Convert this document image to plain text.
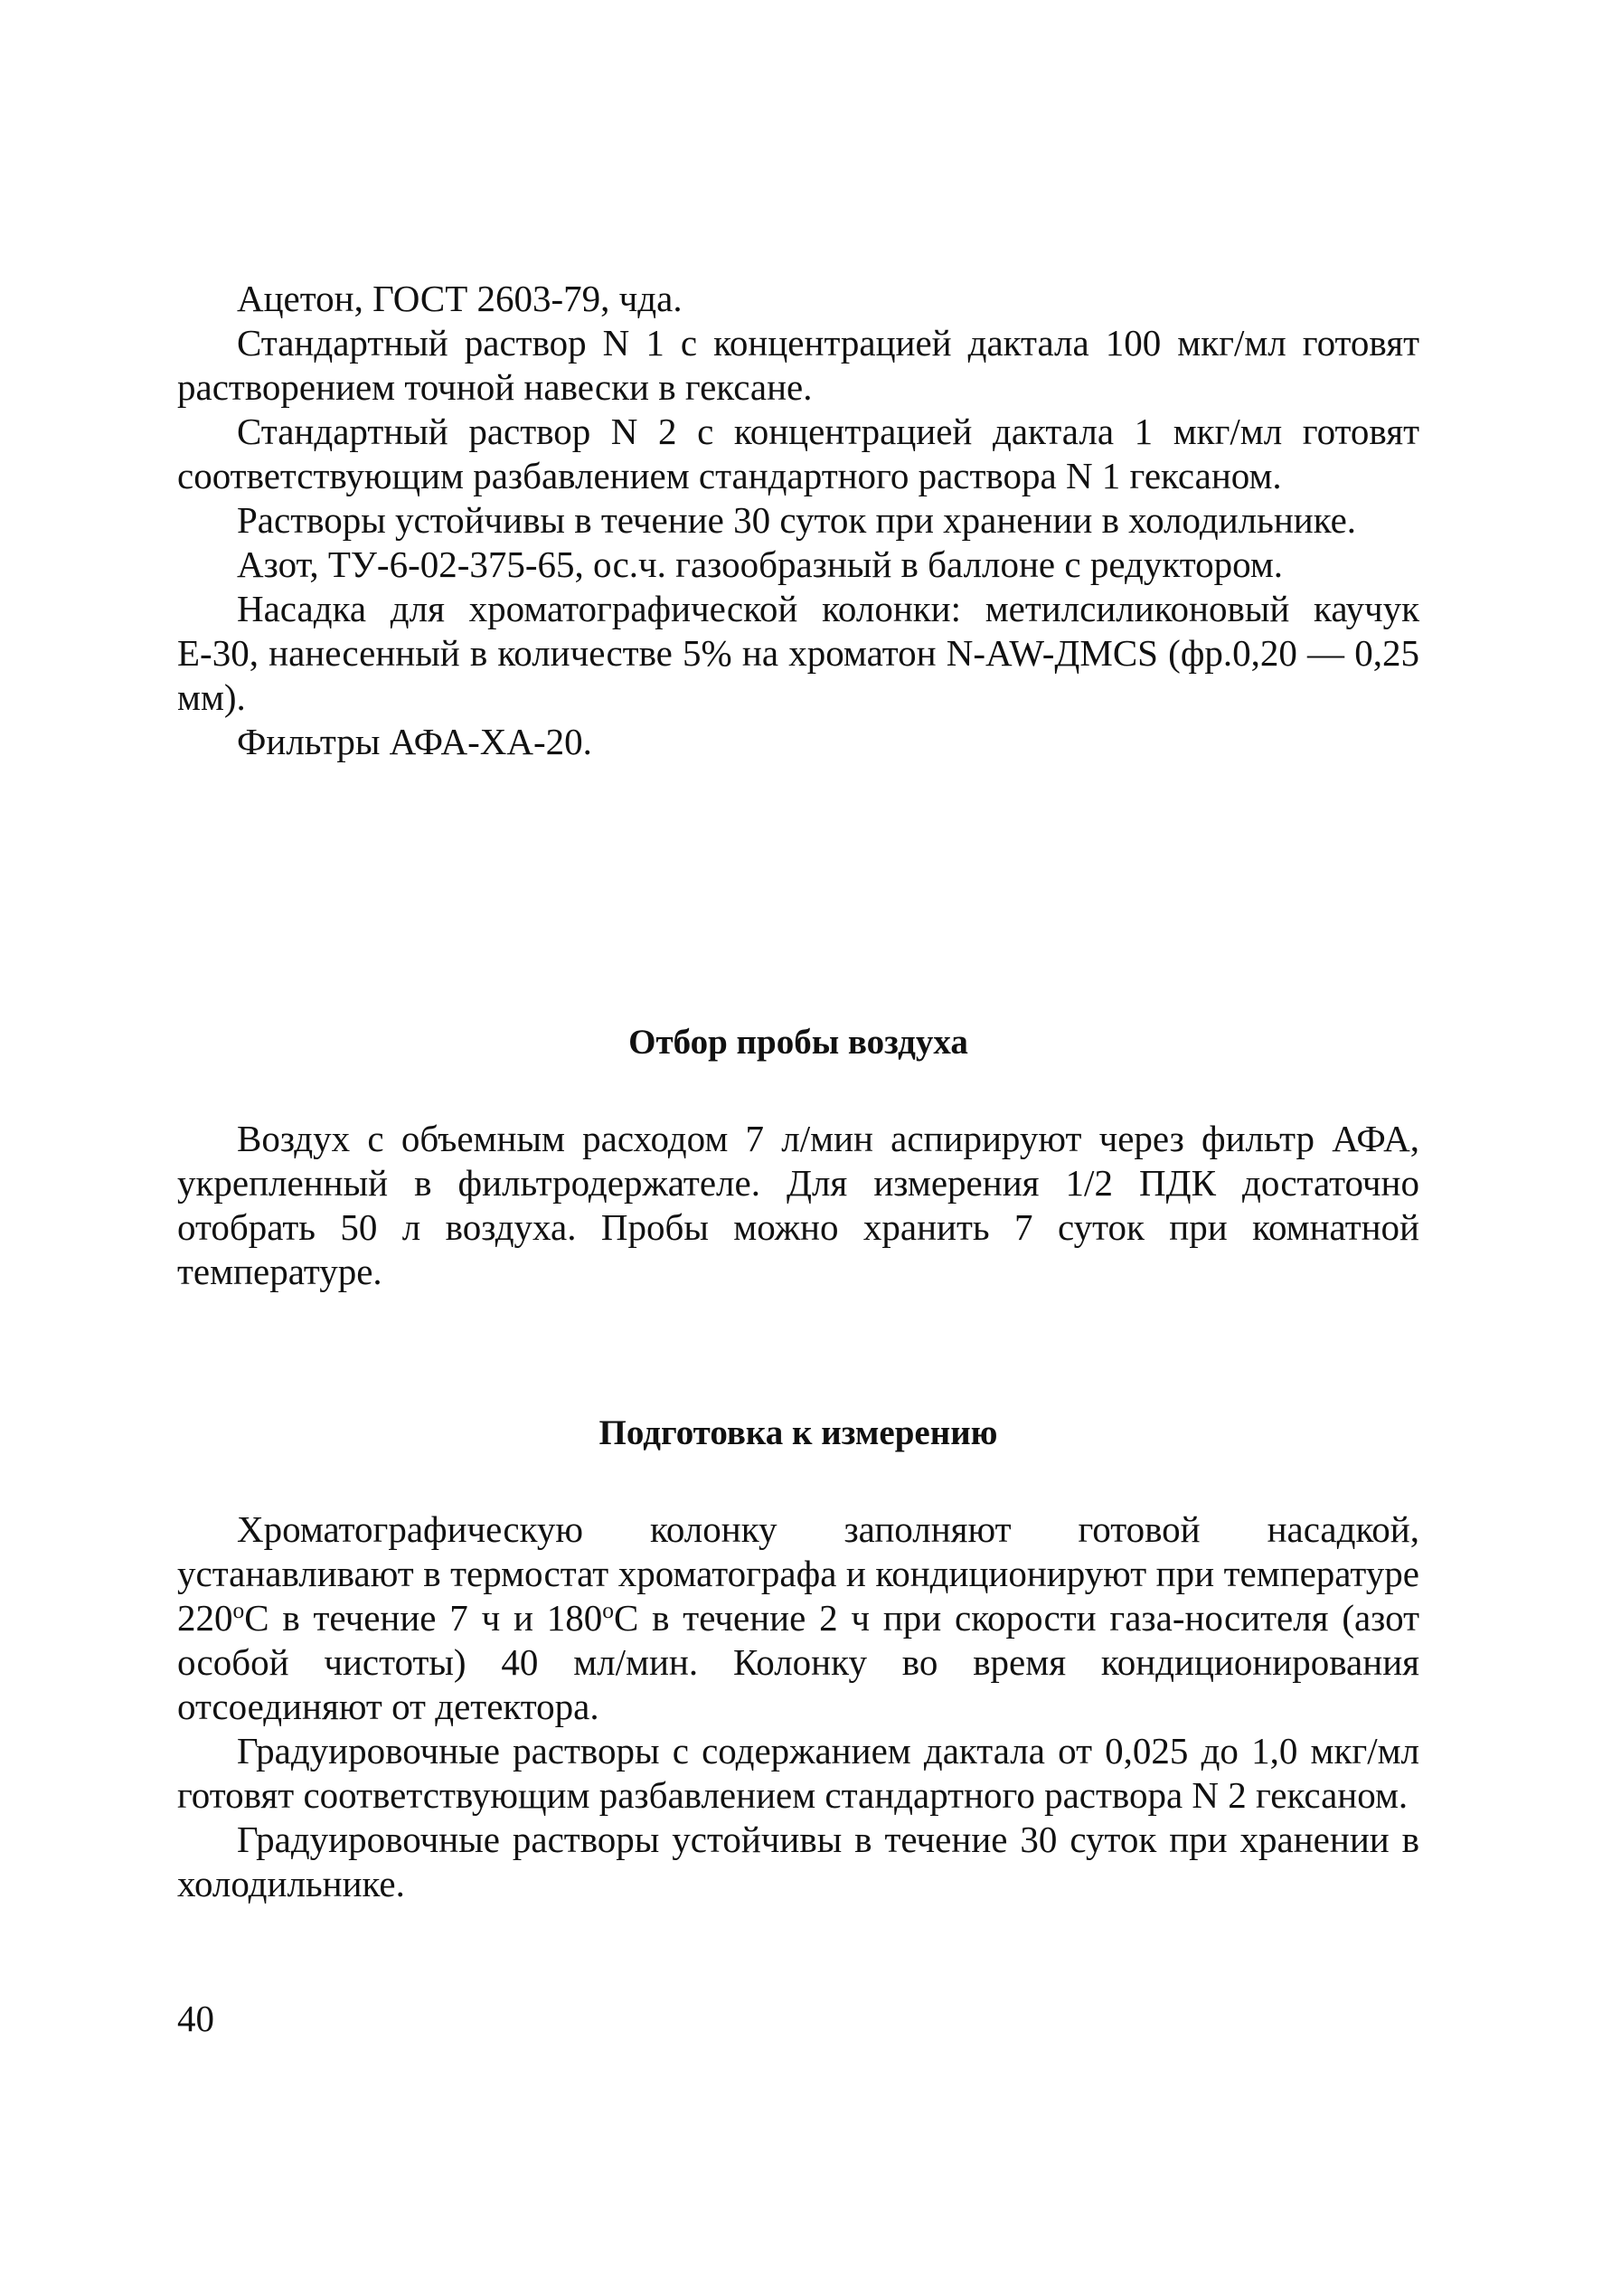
Ацетон, ГОСТ 2603-79, чда.

Стандартный раствор N 1 с концентрацией дактала 100 мкг/мл готовят растворением точной навески в гексане.

Стандартный раствор N 2 с концентрацией дактала 1 мкг/мл готовят соответствующим разбавлением стандартного раствора N 1 гексаном.

Растворы устойчивы в течение 30 суток при хранении в холодильнике.

Азот, ТУ-6-02-375-65, ос.ч. газообразный в баллоне с редуктором.

Насадка для хроматографической колонки: метилсиликоновый каучук Е-30, нанесенный в количестве 5% на хроматон N-AW-ДМCS (фр.0,20 — 0,25 мм).

Фильтры АФА-ХА-20.

Отбор пробы воздуха

Воздух с объемным расходом 7 л/мин аспирируют через фильтр АФА, укрепленный в фильтродержателе. Для измерения 1/2 ПДК достаточно отобрать 50 л воздуха. Пробы можно хранить 7 суток при комнатной температуре.

Подготовка к измерению

Хроматографическую колонку заполняют готовой насадкой, устанавливают в термостат хроматографа и кондиционируют при температуре $220^оС$ в течение 7 ч и $180^оС$ в течение 2 ч при скорости газа-носителя (азот особой чистоты) 40 мл/мин. Колонку во время кондиционирования отсоединяют от детектора.

Градуировочные растворы с содержанием дактала от 0,025 до 1,0 мкг/мл готовят соответствующим разбавлением стандартного раствора N 2 гексаном.

Градуировочные растворы устойчивы в течение 30 суток при хранении в холодильнике.

40
